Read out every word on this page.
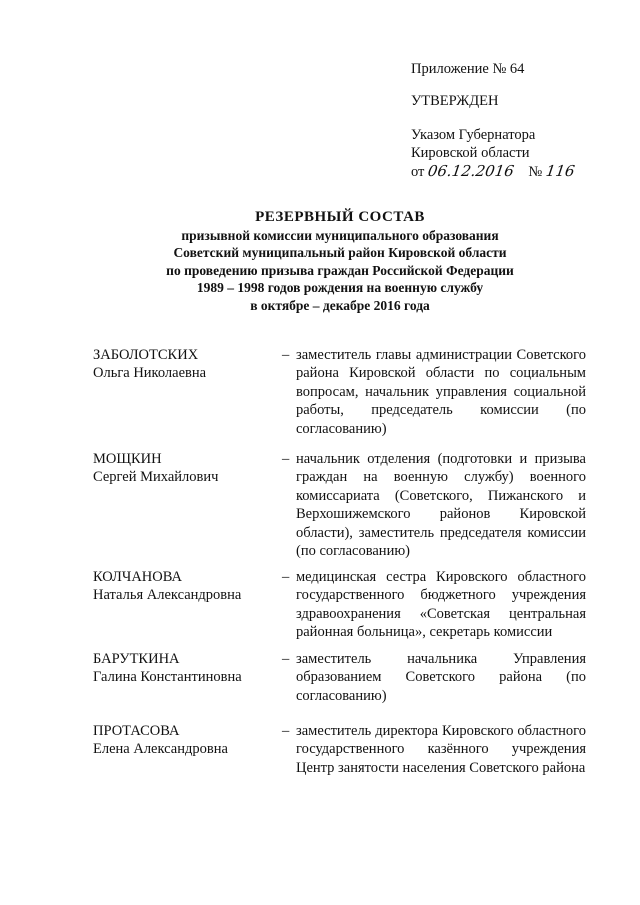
Приложение № 64
УТВЕРЖДЕН
Указом Губернатора
Кировской области
от 06.12.2016 № 116
РЕЗЕРВНЫЙ СОСТАВ
призывной комиссии муниципального образования
Советский муниципальный район Кировской области
по проведению призыва граждан Российской Федерации
1989 – 1998 годов рождения на военную службу
в октябре – декабре 2016 года
ЗАБОЛОТСКИХ
Ольга Николаевна
– заместитель главы администрации Советского района Кировской области по социальным вопросам, начальник управления социальной работы, председатель комиссии (по согласованию)
МОЩКИН
Сергей Михайлович
– начальник отделения (подготовки и призыва граждан на военную службу) военного комиссариата (Советского, Пижанского и Верхошижемского районов Кировской области), заместитель председателя комиссии (по согласованию)
КОЛЧАНОВА
Наталья Александровна
– медицинская сестра Кировского областного государственного бюджетного учреждения здравоохранения «Советская центральная районная больница», секретарь комиссии
БАРУТКИНА
Галина Константиновна
– заместитель начальника Управления образованием Советского района (по согласованию)
ПРОТАСОВА
Елена Александровна
– заместитель директора Кировского областного государственного казённого учреждения Центр занятости населения Советского района
